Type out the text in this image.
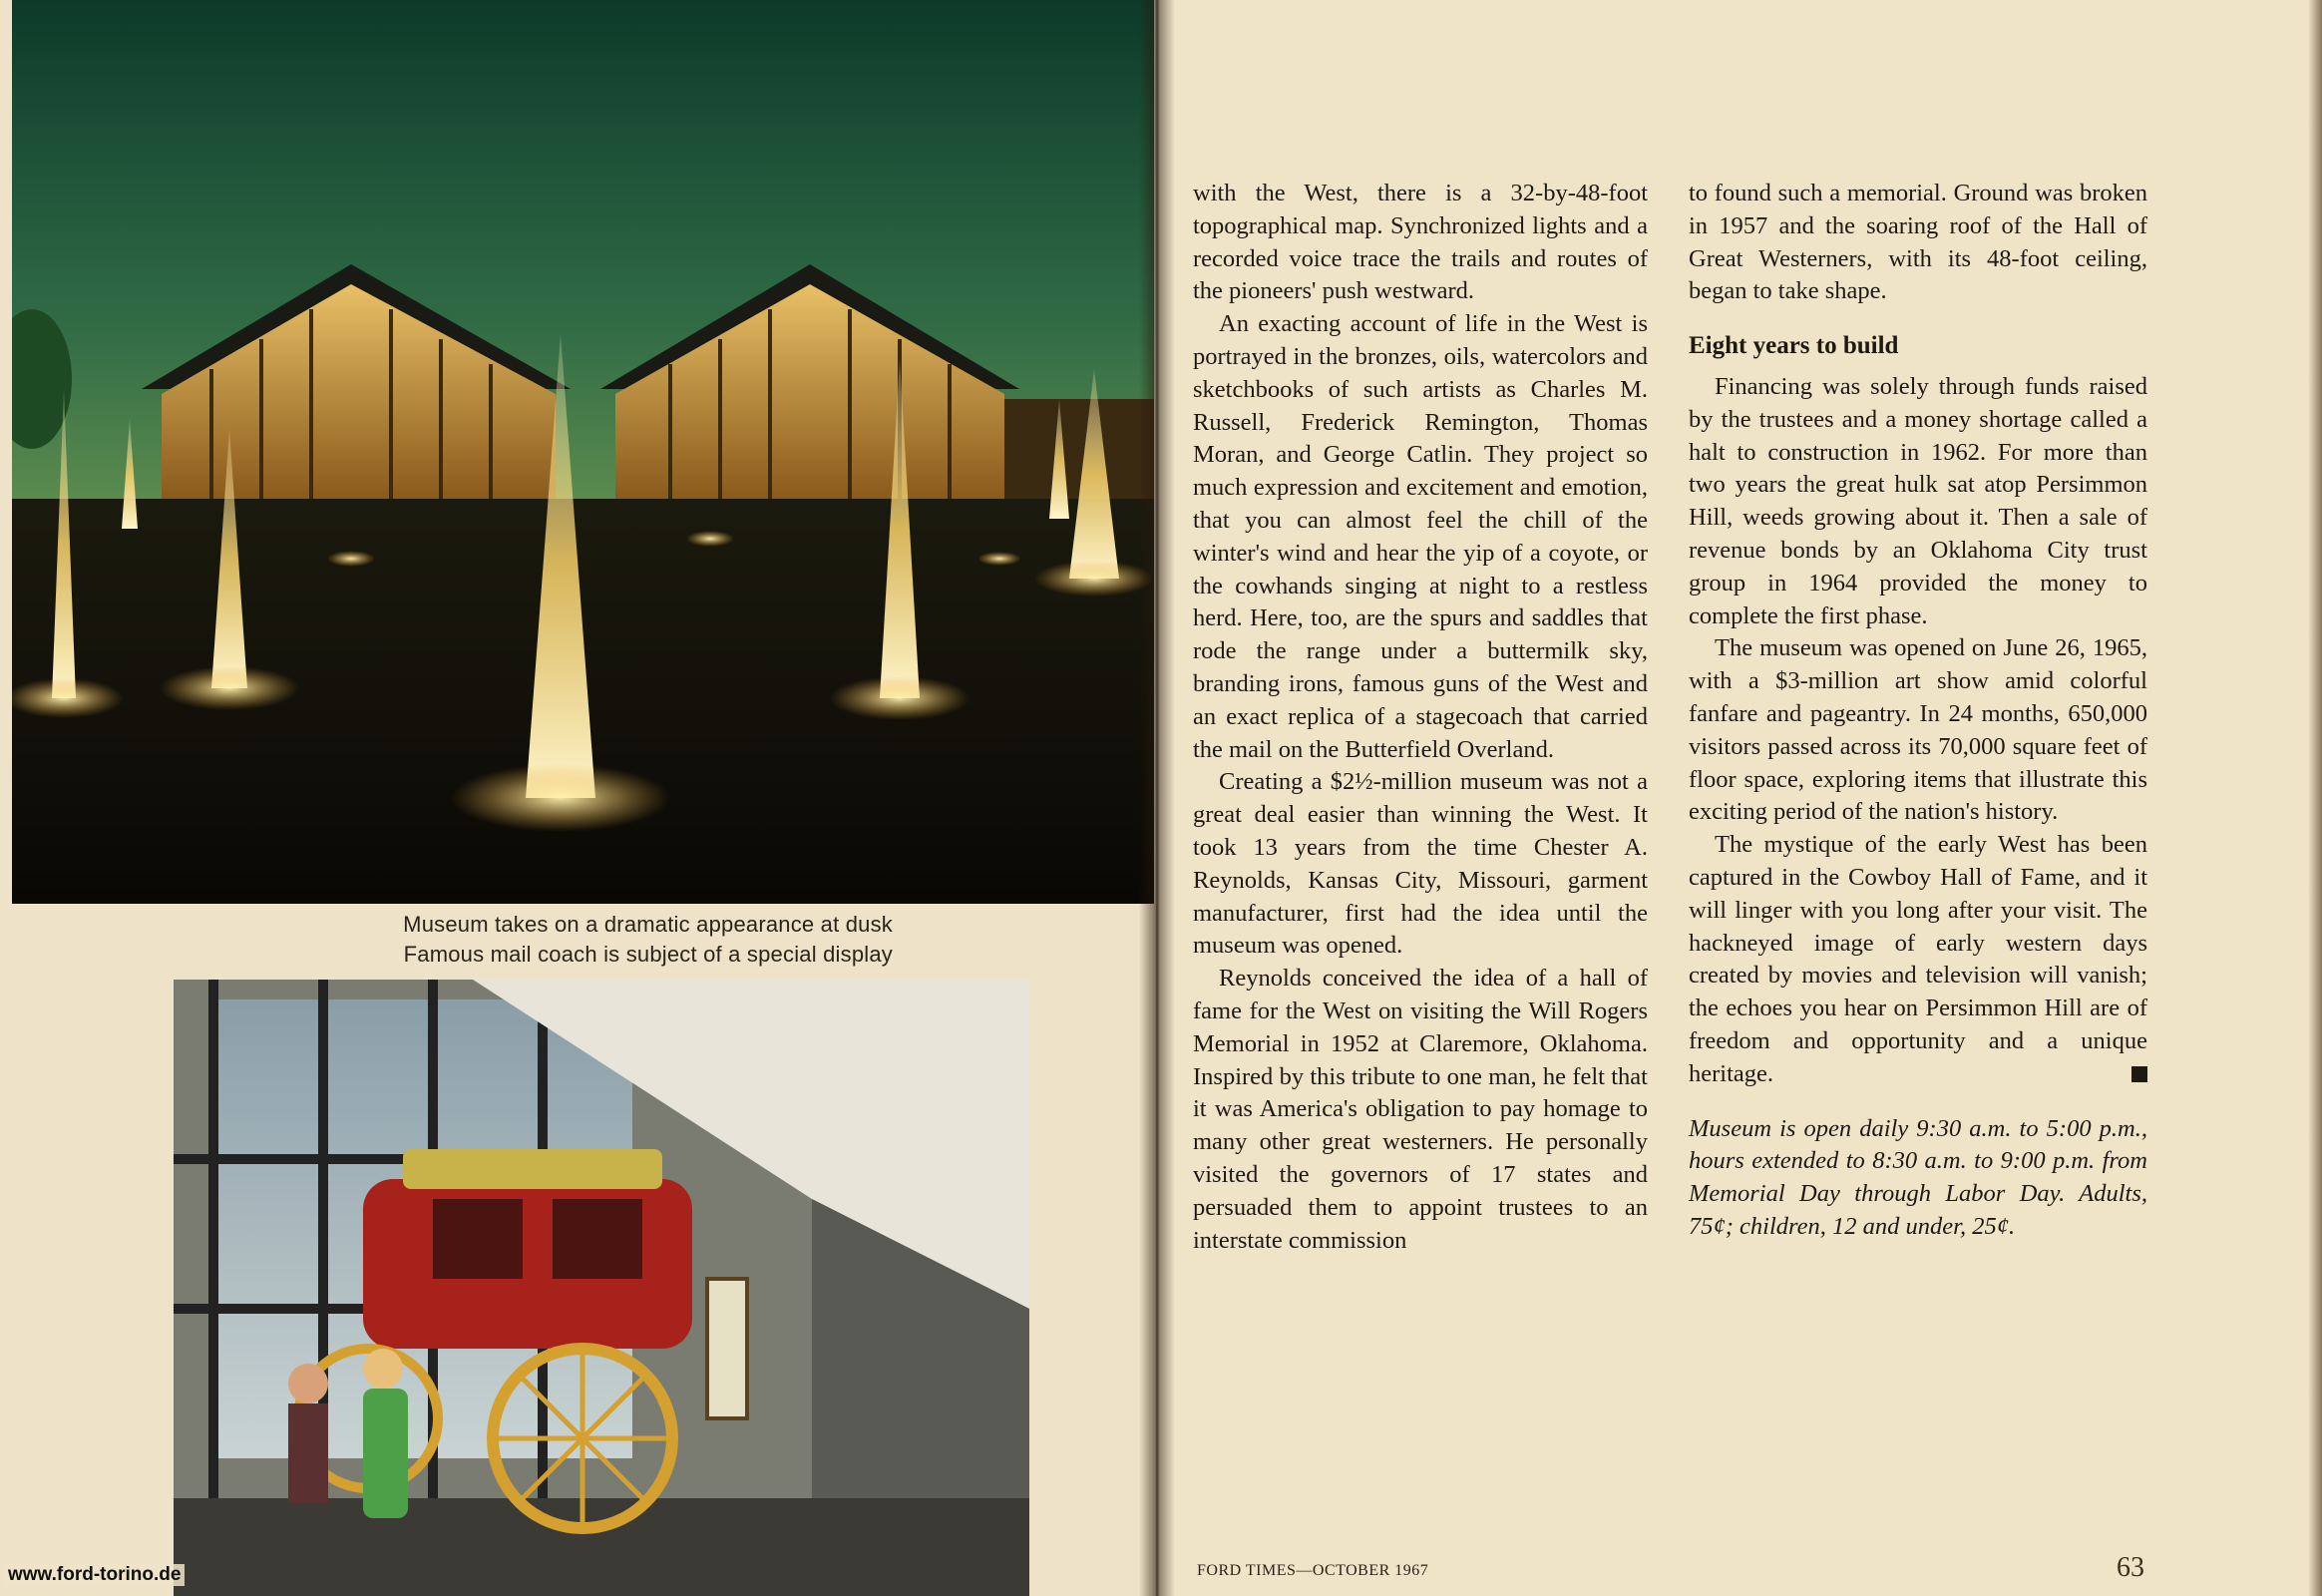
Museum takes on a dramatic appearance at dusk
Famous mail coach is subject of a special display
www.ford-torino.de

with the West, there is a 32-by-48-foot topographical map. Synchronized lights and a recorded voice trace the trails and routes of the pioneers' push westward.

An exacting account of life in the West is portrayed in the bronzes, oils, watercolors and sketchbooks of such artists as Charles M. Russell, Frederick Remington, Thomas Moran, and George Catlin. They project so much expression and excitement and emotion, that you can almost feel the chill of the winter's wind and hear the yip of a coyote, or the cowhands singing at night to a restless herd. Here, too, are the spurs and saddles that rode the range under a buttermilk sky, branding irons, famous guns of the West and an exact replica of a stagecoach that carried the mail on the Butterfield Overland.

Creating a $2½-million museum was not a great deal easier than winning the West. It took 13 years from the time Chester A. Reynolds, Kansas City, Missouri, garment manufacturer, first had the idea until the museum was opened.

Reynolds conceived the idea of a hall of fame for the West on visiting the Will Rogers Memorial in 1952 at Claremore, Oklahoma. Inspired by this tribute to one man, he felt that it was America's obligation to pay homage to many other great westerners. He personally visited the governors of 17 states and persuaded them to appoint trustees to an interstate commission

to found such a memorial. Ground was broken in 1957 and the soaring roof of the Hall of Great Westerners, with its 48-foot ceiling, began to take shape.

Eight years to build

Financing was solely through funds raised by the trustees and a money shortage called a halt to construction in 1962. For more than two years the great hulk sat atop Persimmon Hill, weeds growing about it. Then a sale of revenue bonds by an Oklahoma City trust group in 1964 provided the money to complete the first phase.

The museum was opened on June 26, 1965, with a $3-million art show amid colorful fanfare and pageantry. In 24 months, 650,000 visitors passed across its 70,000 square feet of floor space, exploring items that illustrate this exciting period of the nation's history.

The mystique of the early West has been captured in the Cowboy Hall of Fame, and it will linger with you long after your visit. The hackneyed image of early western days created by movies and television will vanish; the echoes you hear on Persimmon Hill are of freedom and opportunity and a unique heritage.

Museum is open daily 9:30 a.m. to 5:00 p.m., hours extended to 8:30 a.m. to 9:00 p.m. from Memorial Day through Labor Day. Adults, 75¢; children, 12 and under, 25¢.

FORD TIMES—OCTOBER 1967	63
